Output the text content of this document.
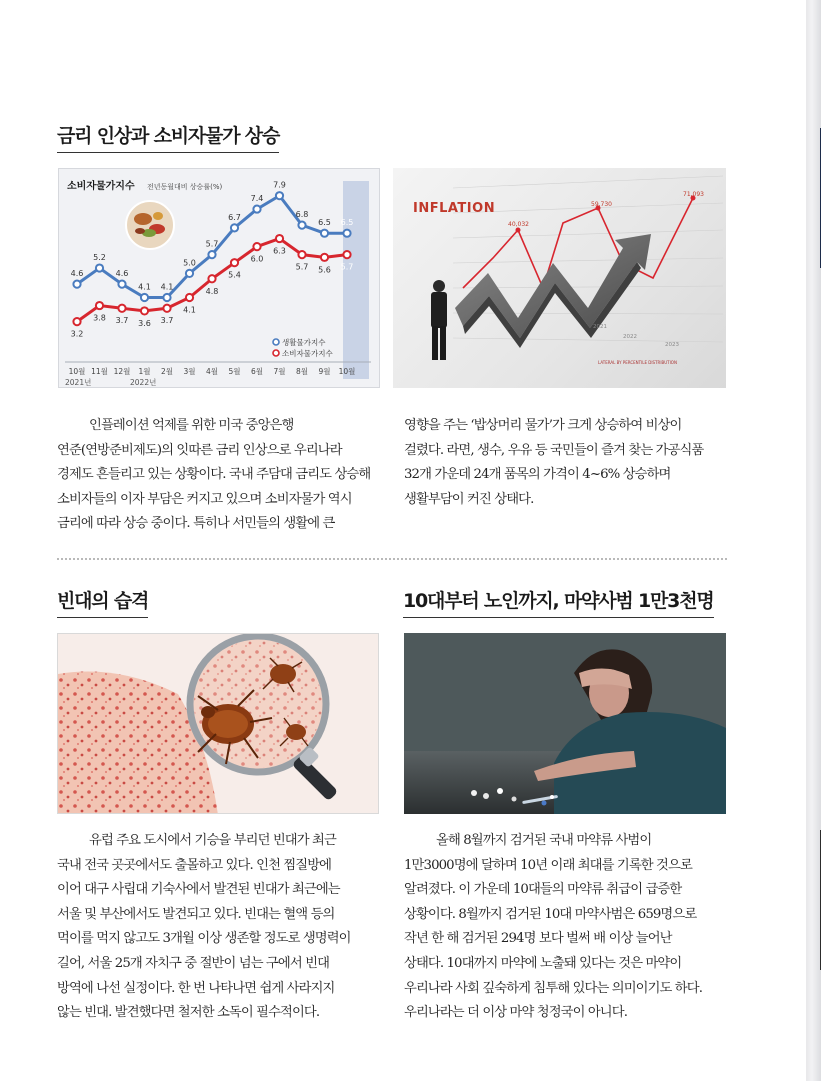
금리 인상과 소비자물가 상승
소비자물가지수 전년동월대비 상승률(%)
4.6
5.2
4.6
4.1 4.1
5.0
5.7
6.7
7.4
7.9
6.8
6.5 6.5
3.2
3.8 3.7 3.6 3.7
4.1
4.8
5.4
6.0
6.3
5.7 5.6 5.7
10월 11월 12월 1월 2월 3월 4월 5월 6월 7월 8월 9월 10월
2021년	2022년
생활물가지수
소비자물가지수
INFLATION
40,032
59,730
71,093
2021
2022
2023
LATERAL BY PERCENTILE DISTRIBUTION
인플레이션 억제를 위한 미국 중앙은행
연준(연방준비제도)의 잇따른 금리 인상으로 우리나라
경제도 흔들리고 있는 상황이다. 국내 주담대 금리도 상승해
소비자들의 이자 부담은 커지고 있으며 소비자물가 역시
금리에 따라 상승 중이다. 특히나 서민들의 생활에 큰
영향을 주는 ‘밥상머리 물가’가 크게 상승하여 비상이
걸렸다. 라면, 생수, 우유 등 국민들이 즐겨 찾는 가공식품
32개 가운데 24개 품목의 가격이 4~6% 상승하며
생활부담이 커진 상태다.
빈대의 습격
유럽 주요 도시에서 기승을 부리던 빈대가 최근
국내 전국 곳곳에서도 출몰하고 있다. 인천 찜질방에
이어 대구 사립대 기숙사에서 발견된 빈대가 최근에는
서울 및 부산에서도 발견되고 있다. 빈대는 혈액 등의
먹이를 먹지 않고도 3개월 이상 생존할 정도로 생명력이
길어, 서울 25개 자치구 중 절반이 넘는 구에서 빈대
방역에 나선 실정이다. 한 번 나타나면 쉽게 사라지지
않는 빈대. 발견했다면 철저한 소독이 필수적이다.
10대부터 노인까지, 마약사범 1만3천명
올해 8월까지 검거된 국내 마약류 사범이
1만3000명에 달하며 10년 이래 최대를 기록한 것으로
알려졌다. 이 가운데 10대들의 마약류 취급이 급증한
상황이다. 8월까지 검거된 10대 마약사범은 659명으로
작년 한 해 검거된 294명 보다 벌써 배 이상 늘어난
상태다. 10대까지 마약에 노출돼 있다는 것은 마약이
우리나라 사회 깊숙하게 침투해 있다는 의미이기도 하다.
우리나라는 더 이상 마약 청정국이 아니다.
